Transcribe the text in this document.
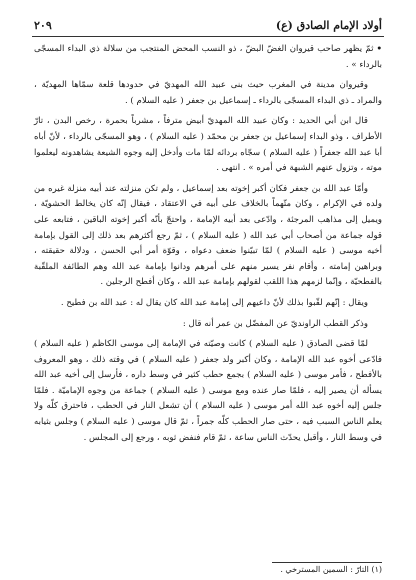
أولاد الإمام الصادق (ع)
٢٠٩

•ثمّ يظهر صاحب قيروان الغضّ البضّ ، ذو النسب المحض المنتجب من سلالة ذي البداء المسجّى بالرداء » .

وقيروان مدينة في المغرب حيث بنى عبيد الله المهديّ في حدودها قلعة سمّاها المهديّة ، والمراد ـ ذي البداء المسجّى بالرداء ـ إسماعيل بن جعفر ( عليه السلام ) .

قال ابن أبي الحديد : وكان عبيد الله المهديّ أبيض مترفاً ، مشرباً بحمرة ، رخص البدن ، تارّ الأطراف ، وذو البداء إسماعيل بن جعفر بن محمّد ( عليه السلام ) ، وهو المسجّى بالرداء ، لأنّ أباه أبا عبد الله جعفراً ( عليه السلام ) سجّاه بردائه لمّا مات وأدخل إليه وجوه الشيعة يشاهدونه ليعلموا موته ، وتزول عنهم الشبهة في أمره » . انتهى .

وأمّا عبد الله بن جعفر فكان أكبر إخوته بعد إسماعيل ، ولم تكن منزلته عند أبيه منزلة غيره من ولده في الإكرام ، وكان متّهماً بالخلاف على أبيه في الاعتقاد ، فيقال إنّه كان يخالط الحشويّة ، ويميل إلى مذاهب المرجئة ، وادّعى بعد أبيه الإمامة ، واحتجّ بأنّه أكبر إخوته الباقين ، فتابعه على قوله جماعة من أصحاب أبي عبد الله ( عليه السلام ) ، ثمّ رجع أكثرهم بعد ذلك إلى القول بإمامة أخيه موسى ( عليه السلام ) لمّا تبيّنوا ضعف دعواه ، وقوّة أمر أبي الحسن ، ودلالة حقيقته ، وبراهين إمامته ، وأقام نفر يسير منهم على أمرهم ودانوا بإمامة عبد الله وهم الطائفة الملقّبة بالفطحيّة ، وإنّما لزمهم هذا اللقب لقولهم بإمامة عبد الله ، وكان أفطح الرجلين .

ويقال : إنّهم لقّبوا بذلك لأنّ داعيهم إلى إمامة عبد الله كان يقال له : عبد الله بن فطيح .

وذكر القطب الراونديّ عن المفضّل بن عمر أنه قال :

لمّا قضى الصادق ( عليه السلام ) كانت وصيّته في الإمامة إلى موسى الكاظم ( عليه السلام ) فادّعى أخوه عبد الله الإمامة ، وكان أكبر ولد جعفر ( عليه السلام ) في وقته ذلك ، وهو المعروف بالأفطح ، فأمر موسى ( عليه السلام ) بجمع حطب كثير في وسط داره ، فأرسل إلى أخيه عبد الله يسأله أن يصير إليه ، فلمّا صار عنده ومع موسى ( عليه السلام ) جماعة من وجوه الإماميّة . فلمّا جلس إليه أخوه عبد الله أمر موسى ( عليه السلام ) أن تشعل النار في الحطب ، فاحترق كلّه ولا يعلم الناس السبب فيه ، حتى صار الحطب كلّه جمراً ، ثمّ قال موسى ( عليه السلام ) وجلس بثيابه في وسط النار ، وأقبل يحدّث الناس ساعة ، ثمّ قام فنفض ثوبه ، ورجع إلى المجلس .

(١) التارّ : السمين المسترخي .
